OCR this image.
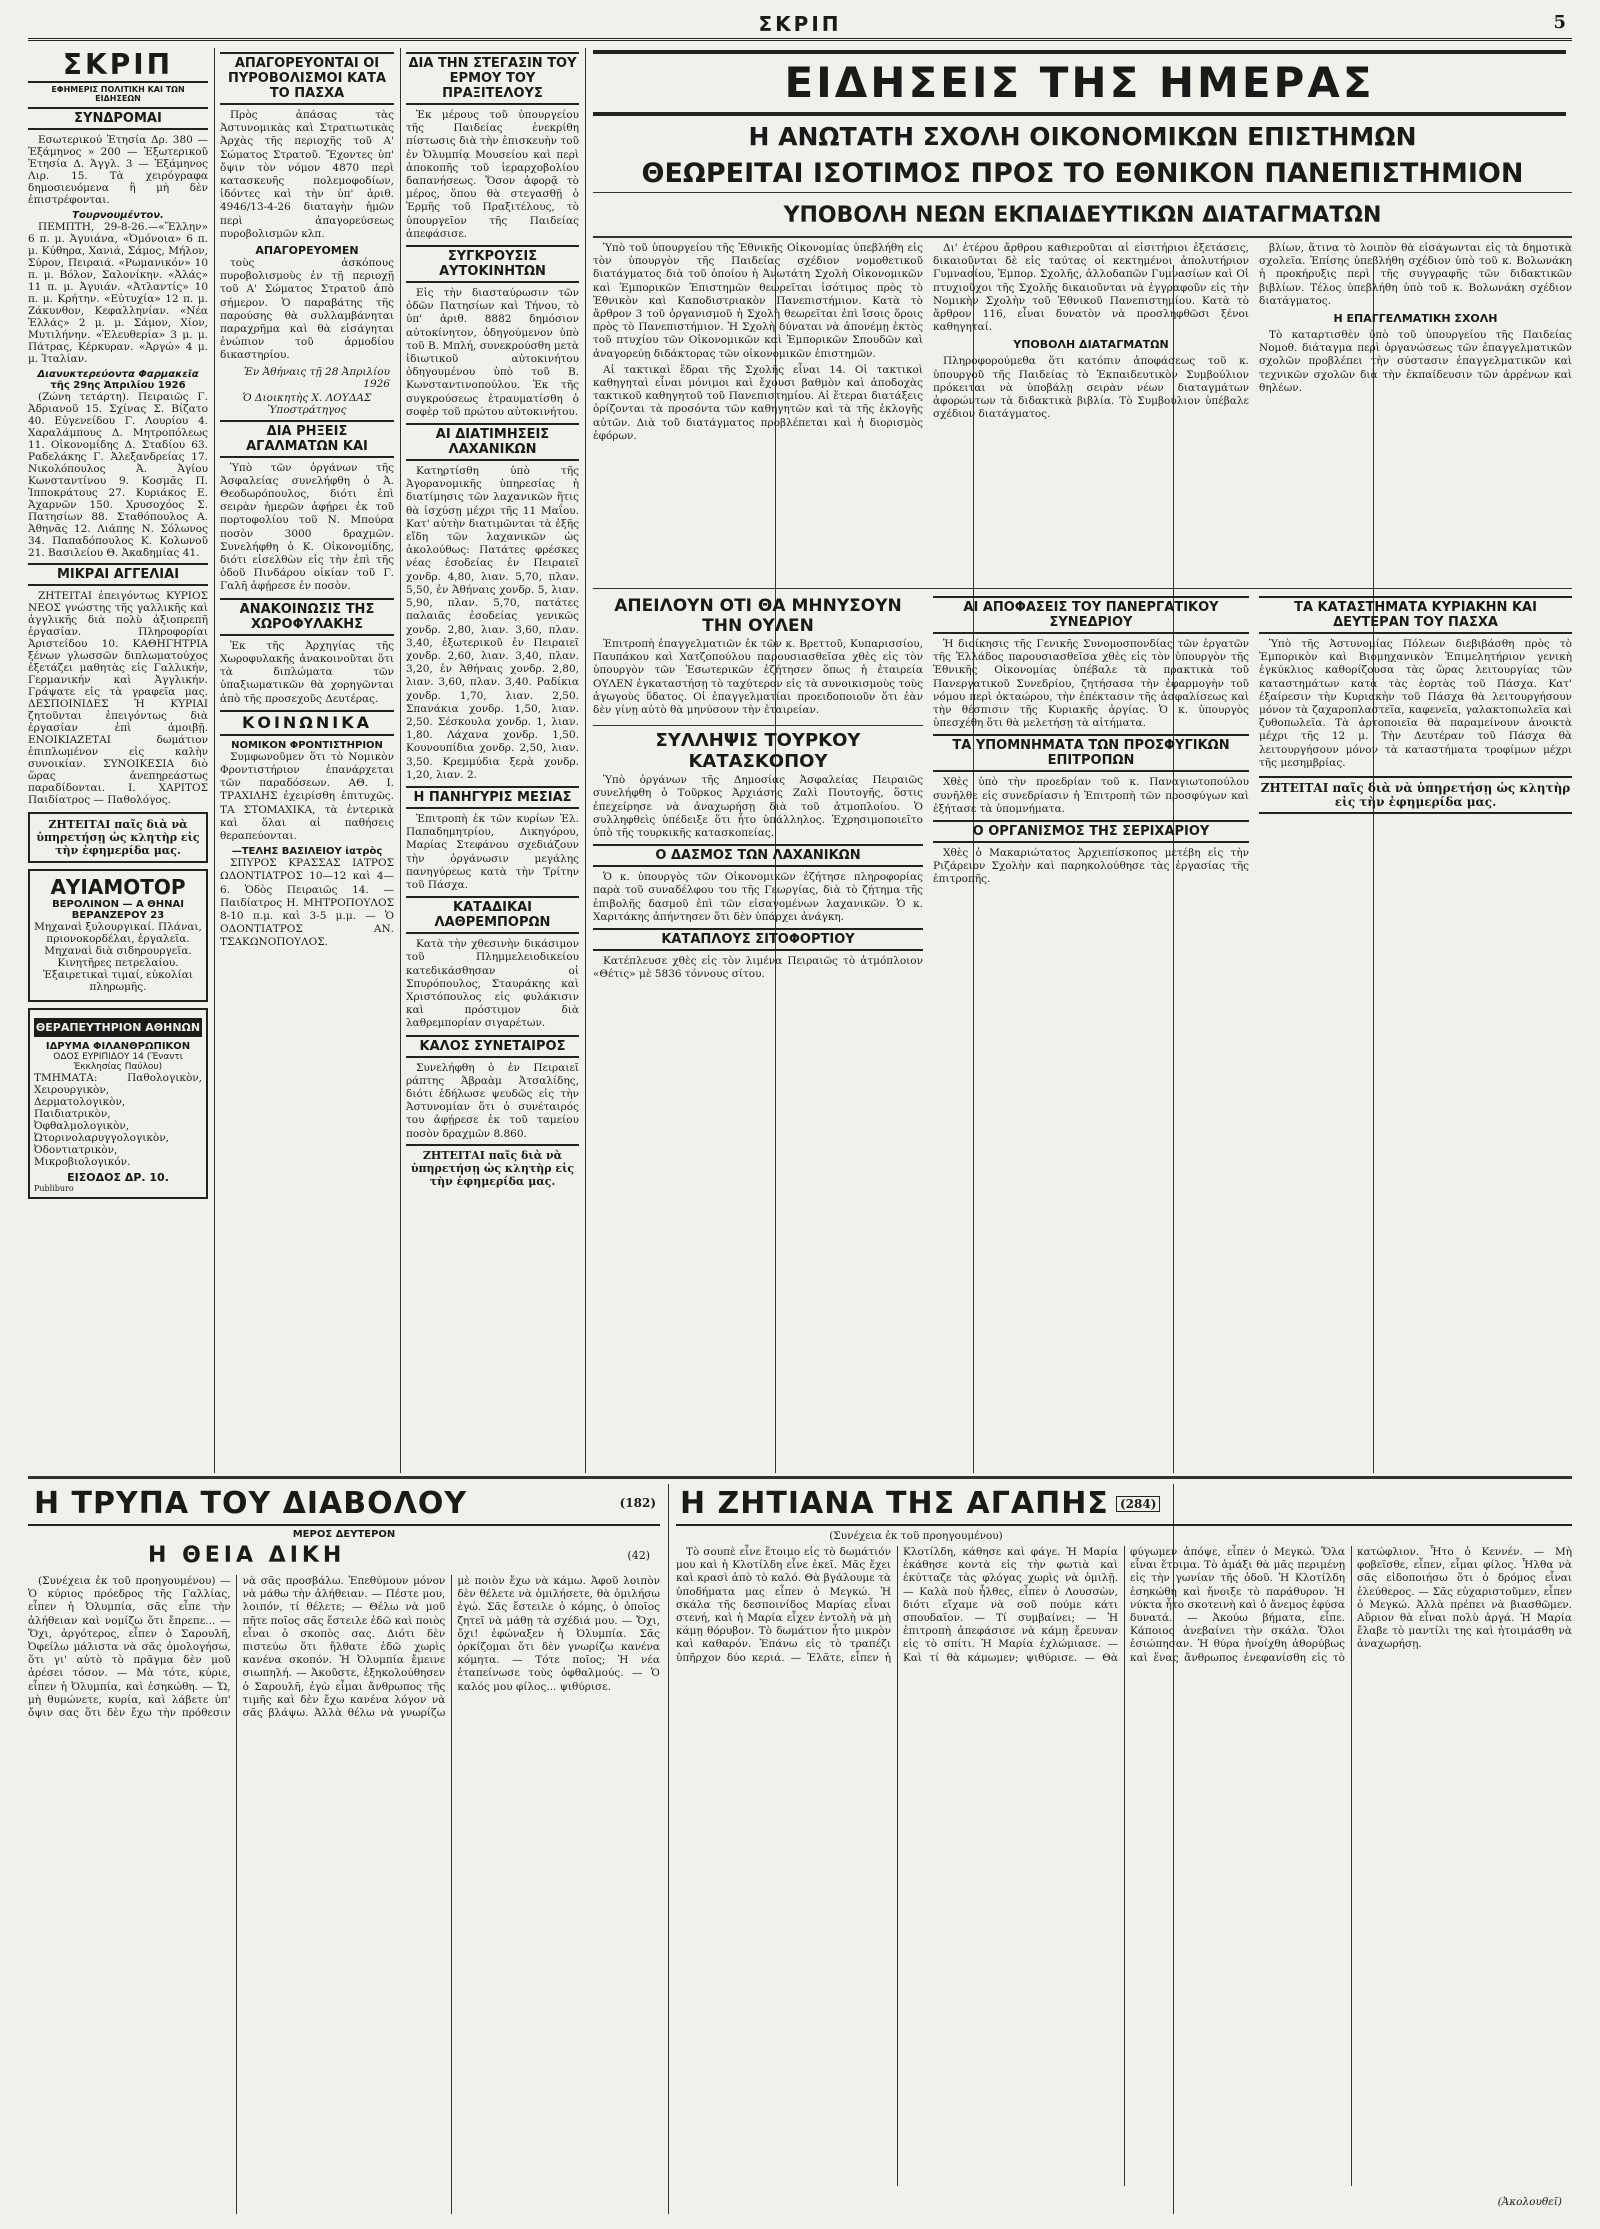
ΣΚΡΙΠ	5
ΣΚΡΙΠ
ΕΦΗΜΕΡΙΣ ΠΟΛΙΤΙΚΗ ΚΑΙ ΤΩΝ ΕΙΔΗΣΕΩΝ
ΣΥΝΔΡΟΜΑΙ

Εσωτερικού Ἐτησία Δρ. 380 — Ἐξάμηνος » 200 — Ἐξωτερικοῦ Ἐτησία Δ. Ἀγγλ. 3 — Ἐξάμηνος Λιρ. 15. Τὰ χειρόγραφα δημοσιευόμενα ἢ μὴ δὲν ἐπιστρέφονται.

Τουρνουμέντον.

ΠΕΜΠΤΗ, 29-8-26.—«Ἕλλην» 6 π. μ. Ἀγυιάνα, «Ὀμόνοια» 6 π. μ. Κύθηρα, Χανιά, Σάμος, Μήλον, Σύρον, Πειραιά. «Ρωμανικόν» 10 π. μ. Βόλον, Σαλονίκην. «Ἀλάς» 11 π. μ. Ἀγυιάν. «Ἀτλαντίς» 10 π. μ. Κρήτην. «Εὐτυχία» 12 π. μ. Ζάκυνθον, Κεφαλληνίαν. «Νέα Ἑλλάς» 2 μ. μ. Σάμον, Χίον, Μυτιλήνην. «Ἐλευθερία» 3 μ. μ. Πάτρας, Κέρκυραν. «Ἀργώ» 4 μ. μ. Ἰταλίαν.

Διανυκτερεύοντα Φαρμακεῖα
τῆς 29ης Ἀπριλίου 1926

(Ζώνη τετάρτη). Πειραιῶς Γ. Ἀδριανοῦ 15. Σχίνας Σ. Βίζατο 40. Εὐγενείδου Γ. Λουρίου 4. Χαραλάμπους Δ. Μητροπόλεως 11. Οἰκονομίδης Δ. Σταδίου 63. Ραδελάκης Γ. Ἀλεξανδρείας 17. Νικολόπουλος Ἀ. Ἁγίου Κωνσταντίνου 9. Κοσμᾶς Π. Ἱπποκράτους 27. Κυριάκος Ε. Ἀχαρνῶν 150. Χρυσοχόος Σ. Πατησίων 88. Σταθόπουλος Α. Ἀθηνᾶς 12. Λιάπης Ν. Σόλωνος 34. Παπαδόπουλος Κ. Κολωνοῦ 21. Βασιλείου Θ. Ἀκαδημίας 41.

ΜΙΚΡΑΙ ΑΓΓΕΛΙΑΙ

ΖΗΤΕΙΤΑΙ ἐπειγόντως ΚΥΡΙΟΣ ΝΕΟΣ γνώστης τῆς γαλλικῆς καὶ ἀγγλικῆς διὰ πολὺ ἀξιοπρεπῆ ἐργασίαν. Πληροφορίαι Ἀριστείδου 10. ΚΑΘΗΓΗΤΡΙΑ ξένων γλωσσῶν διπλωματούχος ἐξετάζει μαθητὰς εἰς Γαλλικήν, Γερμανικήν καὶ Ἀγγλικήν. Γράψατε εἰς τὰ γραφεῖα μας. ΔΕΣΠΟΙΝΙΔΕΣ Ἡ ΚΥΡΙΑΙ ζητοῦνται ἐπειγόντως διὰ ἐργασίαν ἐπὶ ἀμοιβῇ. ΕΝΟΙΚΙΑΖΕΤΑΙ δωμάτιον ἐπιπλωμένον εἰς καλὴν συνοικίαν. ΣΥΝΟΙΚΕΣΙΑ διὸ ὥρας ἀνεπηρεάστως παραδίδονται. Ι. ΧΑΡΙΤΟΣ Παιδίατρος — Παθολόγος.

ΖΗΤΕΙΤΑΙ παῖς διὰ νὰ ὑπηρετήσῃ ὡς κλητὴρ εἰς τὴν ἐφημερίδα μας.
ΑΥΙΑΜΟΤΟΡ
ΒΕΡΟΛΙΝΟΝ — Α ΘΗΝΑΙ
ΒΕΡΑΝΖΕΡΟΥ 23

Μηχαναὶ ξυλουργικαί. Πλάναι, πριονοκορδέλαι, ἐργαλεῖα. Μηχαναὶ διὰ σιδηρουργεῖα. Κινητῆρες πετρελαίου. Ἐξαιρετικαὶ τιμαί, εὐκολίαι πληρωμῆς.

ΘΕΡΑΠΕΥΤΗΡΙΟΝ ΑΘΗΝΩΝ
ΙΔΡΥΜΑ ΦΙΛΑΝΘΡΩΠΙΚΟΝ
ΟΔΟΣ ΕΥΡΙΠΙΔΟΥ 14 (Ἔναντι Ἐκκλησίας Παύλου)

ΤΜΗΜΑΤΑ: Παθολογικὸν, Χειρουργικὸν, Δερματολογικὸν, Παιδιατρικὸν, Ὀφθαλμολογικὸν, Ὠτορινολαρυγγολογικὸν, Ὀδοντιατρικὸν, Μικροβιολογικόν.

ΕΙΣΟΔΟΣ ΔΡ. 10.
Publiburo
ΑΠΑΓΟΡΕΥΟΝΤΑΙ ΟΙ ΠΥΡΟΒΟΛΙΣΜΟΙ ΚΑΤΑ ΤΟ ΠΑΣΧΑ

Πρὸς ἁπάσας τὰς Ἀστυνομικὰς καὶ Στρατιωτικὰς Ἀρχὰς τῆς περιοχῆς τοῦ Α' Σώματος Στρατοῦ. Ἔχοντες ὑπ' ὄψιν τὸν νόμον 4870 περὶ κατασκευῆς πολεμοφοδίων, ἰδόντες καὶ τὴν ὑπ' ἀριθ. 4946/13-4-26 διαταγὴν ἡμῶν περὶ ἀπαγορεύσεως πυροβολισμῶν κλπ.

ΑΠΑΓΟΡΕΥΟΜΕΝ

τοὺς ἀσκόπους πυροβολισμοὺς ἐν τῇ περιοχῇ τοῦ Α' Σώματος Στρατοῦ ἀπὸ σήμερον. Ὁ παραβάτης τῆς παρούσης θὰ συλλαμβάνηται παραχρῆμα καὶ θὰ εἰσάγηται ἐνώπιον τοῦ ἀρμοδίου δικαστηρίου.

Ἐν Ἀθήναις τῇ 28 Ἀπριλίου 1926
Ὁ Διοικητὴς Χ. ΛΟΥΔΑΣ Ὑποστράτηγος
ΔΙΑ ΡΗΞΕΙΣ ΑΓΑΛΜΑΤΩΝ ΚΑΙ

Ὑπὸ τῶν ὀργάνων τῆς Ἀσφαλείας συνελήφθη ὁ Ἀ. Θεοδωρόπουλος, διότι ἐπὶ σειρὰν ἡμερῶν ἀφῄρει ἐκ τοῦ πορτοφολίου τοῦ Ν. Μπούρα ποσὸν 3000 δραχμῶν. Συνελήφθη ὁ Κ. Οἰκονομίδης, διότι εἰσελθὼν εἰς τὴν ἐπὶ τῆς ὁδοῦ Πινδάρου οἰκίαν τοῦ Γ. Γαλῆ ἀφῄρεσε ἐν ποσὸν.

ΑΝΑΚΟΙΝΩΣΙΣ ΤΗΣ ΧΩΡΟΦΥΛΑΚΗΣ

Ἐκ τῆς Ἀρχηγίας τῆς Χωροφυλακῆς ἀνακοινοῦται ὅτι τὰ διπλώματα τῶν ὑπαξιωματικῶν θὰ χορηγῶνται ἀπὸ τῆς προσεχοῦς Δευτέρας.

ΚΟΙΝΩΝΙΚΑ
ΝΟΜΙΚΟΝ ΦΡΟΝΤΙΣΤΗΡΙΟΝ

Συμφωνοῦμεν ὅτι τὸ Νομικὸν Φροντιστήριον ἐπανάρχεται τῶν παραδόσεων. ΑΘ. Ι. ΤΡΑΧΙΛΗΣ ἐχειρίσθη ἐπιτυχῶς. ΤΑ ΣΤΟΜΑΧΙΚΑ, τὰ ἐντερικὰ καὶ ὅλαι αἱ παθήσεις θεραπεύονται.

—ΤΕΛΗΣ ΒΑΣΙΛΕΙΟΥ ἰατρὸς

ΣΠΥΡΟΣ ΚΡΑΣΣΑΣ ΙΑΤΡΟΣ ΩΔΟΝΤΙΑΤΡΟΣ 10—12 καὶ 4—6. Ὁδὸς Πειραιῶς 14. — Παιδίατρος Η. ΜΗΤΡΟΠΟΥΛΟΣ 8-10 π.μ. καὶ 3-5 μ.μ. — Ὁ ΟΔΟΝΤΙΑΤΡΟΣ ΑΝ. ΤΣΑΚΩΝΟΠΟΥΛΟΣ.

ΔΙΑ ΤΗΝ ΣΤΕΓΑΣΙΝ ΤΟΥ ΕΡΜΟΥ ΤΟΥ ΠΡΑΞΙΤΕΛΟΥΣ

Ἐκ μέρους τοῦ ὑπουργείου τῆς Παιδείας ἐνεκρίθη πίστωσις διὰ τὴν ἐπισκευὴν τοῦ ἐν Ὀλυμπίᾳ Μουσείου καὶ περὶ ἀποκοπῆς τοῦ ἱεραρχοβολίου δαπανήσεως. Ὅσον ἀφορᾷ τὸ μέρος, ὅπου θὰ στεγασθῇ ὁ Ἑρμῆς τοῦ Πραξιτέλους, τὸ ὑπουργεῖον τῆς Παιδείας ἀπεφάσισε.

ΣΥΓΚΡΟΥΣΙΣ ΑΥΤΟΚΙΝΗΤΩΝ

Εἰς τὴν διασταύρωσιν τῶν ὁδῶν Πατησίων καὶ Τήνου, τὸ ὑπ' ἀριθ. 8882 δημόσιον αὐτοκίνητον, ὁδηγούμενον ὑπὸ τοῦ Β. Μπλή, συνεκρούσθη μετὰ ἰδιωτικοῦ αὐτοκινήτου ὁδηγουμένου ὑπὸ τοῦ Β. Κωνσταντινοπούλου. Ἐκ τῆς συγκρούσεως ἐτραυματίσθη ὁ σοφὲρ τοῦ πρώτου αὐτοκινήτου.

ΑΙ ΔΙΑΤΙΜΗΣΕΙΣ ΛΑΧΑΝΙΚΩΝ

Κατηρτίσθη ὑπὸ τῆς Ἀγορανομικῆς ὑπηρεσίας ἡ διατίμησις τῶν λαχανικῶν ἥτις θὰ ἰσχύσῃ μέχρι τῆς 11 Μαΐου. Κατ' αὐτὴν διατιμῶνται τὰ ἑξῆς εἴδη τῶν λαχανικῶν ὡς ἀκολούθως: Πατάτες φρέσκες νέας ἐσοδείας ἐν Πειραιεῖ χονδρ. 4,80, λιαν. 5,70, πλαν. 5,50, ἐν Ἀθήναις χονδρ. 5, λιαν. 5,90, πλαν. 5,70, πατάτες παλαιᾶς ἐσοδείας γενικῶς χονδρ. 2,80, λιαν. 3,60, πλαν. 3,40, ἐξωτερικοῦ ἐν Πειραιεῖ χονδρ. 2,60, λιαν. 3,40, πλαν. 3,20, ἐν Ἀθήναις χονδρ. 2,80, λιαν. 3,60, πλαν. 3,40. Ραδίκια χονδρ. 1,70, λιαν. 2,50. Σπανάκια χονδρ. 1,50, λιαν. 2,50. Σέσκουλα χονδρ. 1, λιαν. 1,80. Λάχανα χονδρ. 1,50. Κουνουπίδια χονδρ. 2,50, λιαν. 3,50. Κρεμμύδια ξερὰ χονδρ. 1,20, λιαν. 2.

Η ΠΑΝΗΓΥΡΙΣ ΜΕΣΙΑΣ

Ἐπιτροπὴ ἐκ τῶν κυρίων Ἐλ. Παπαδημητρίου, Δικηγόρου, Μαρίας Στεφάνου σχεδιάζουν τὴν ὀργάνωσιν μεγάλης πανηγύρεως κατὰ τὴν Τρίτην τοῦ Πάσχα.

ΚΑΤΑΔΙΚΑΙ ΛΑΘΡΕΜΠΟΡΩΝ

Κατὰ τὴν χθεσινὴν δικάσιμον τοῦ Πλημμελειοδικείου κατεδικάσθησαν οἱ Σπυρόπουλος, Σταυράκης καὶ Χριστόπουλος εἰς φυλάκισιν καὶ πρόστιμον διὰ λαθρεμπορίαν σιγαρέτων.

ΚΑΛΟΣ ΣΥΝΕΤΑΙΡΟΣ

Συνελήφθη ὁ ἐν Πειραιεῖ ράπτης Ἀβραὰμ Ἀτσαλίδης, διότι ἐδήλωσε ψευδῶς εἰς τὴν Ἀστυνομίαν ὅτι ὁ συνέταιρός του ἀφῄρεσε ἐκ τοῦ ταμείου ποσὸν δραχμῶν 8.860.

ΖΗΤΕΙΤΑΙ παῖς διὰ νὰ ὑπηρετήσῃ ὡς κλητὴρ εἰς τὴν ἐφημερίδα μας.
ΕΙΔΗΣΕΙΣ ΤΗΣ ΗΜΕΡΑΣ
Η ΑΝΩΤΑΤΗ ΣΧΟΛΗ ΟΙΚΟΝΟΜΙΚΩΝ ΕΠΙΣΤΗΜΩΝ
ΘΕΩΡΕΙΤΑΙ ΙΣΟΤΙΜΟΣ ΠΡΟΣ ΤΟ ΕΘΝΙΚΟΝ ΠΑΝΕΠΙΣΤΗΜΙΟΝ
ΥΠΟΒΟΛΗ ΝΕΩΝ ΕΚΠΑΙΔΕΥΤΙΚΩΝ ΔΙΑΤΑΓΜΑΤΩΝ

Ὑπὸ τοῦ ὑπουργείου τῆς Ἐθνικῆς Οἰκονομίας ὑπεβλήθη εἰς τὸν ὑπουργὸν τῆς Παιδείας σχέδιον νομοθετικοῦ διατάγματος διὰ τοῦ ὁποίου ἡ Ἀνωτάτη Σχολὴ Οἰκονομικῶν καὶ Ἐμπορικῶν Ἐπιστημῶν θεωρεῖται ἰσότιμος πρὸς τὸ Ἐθνικὸν καὶ Καποδιστριακὸν Πανεπιστήμιον. Κατὰ τὸ ἄρθρον 3 τοῦ ὀργανισμοῦ ἡ Σχολὴ θεωρεῖται ἐπὶ ἴσοις ὅροις πρὸς τὸ Πανεπιστήμιον. Ἡ Σχολὴ δύναται νὰ ἀπονέμῃ ἐκτὸς τοῦ πτυχίου τῶν Οἰκονομικῶν καὶ Ἐμπορικῶν Σπουδῶν καὶ ἀναγορεύῃ διδάκτορας τῶν οἰκονομικῶν ἐπιστημῶν.

Αἱ τακτικαὶ ἕδραι τῆς Σχολῆς εἶναι 14. Οἱ τακτικοὶ καθηγηταὶ εἶναι μόνιμοι καὶ ἔχουσι βαθμὸν καὶ ἀποδοχὰς τακτικοῦ καθηγητοῦ τοῦ Πανεπιστημίου. Αἱ ἕτεραι διατάξεις ὁρίζονται τὰ προσόντα τῶν καθηγητῶν καὶ τὰ τῆς ἐκλογῆς αὐτῶν. Διὰ τοῦ διατάγματος προβλέπεται καὶ ἡ διορισμὸς ἐφόρων.

Δι' ἑτέρου ἄρθρου καθιεροῦται αἱ εἰσιτήριοι ἐξετάσεις, δικαιοῦνται δὲ εἰς ταύτας οἱ κεκτημένοι ἀπολυτήριον Γυμνασίου, Ἐμπορ. Σχολῆς, ἀλλοδαπῶν Γυμνασίων καὶ Οἱ πτυχιοῦχοι τῆς Σχολῆς δικαιοῦνται νὰ ἐγγραφοῦν εἰς τὴν Νομικὴν Σχολὴν τοῦ Ἐθνικοῦ Πανεπιστημίου. Κατὰ τὸ ἄρθρον 116, εἶναι δυνατὸν νὰ προσληφθῶσι ξένοι καθηγηταί.

ΥΠΟΒΟΛΗ ΔΙΑΤΑΓΜΑΤΩΝ

Πληροφορούμεθα ὅτι κατόπιν ἀποφάσεως τοῦ κ. ὑπουργοῦ τῆς Παιδείας τὸ Ἐκπαιδευτικὸν Συμβούλιον πρόκειται νὰ ὑποβάλῃ σειρὰν νέων διαταγμάτων ἀφορώντων τὰ διδακτικὰ βιβλία. Τὸ Συμβούλιον ὑπέβαλε σχέδιον διατάγματος.

βλίων, ἅτινα τὸ λοιπὸν θὰ εἰσάγωνται εἰς τὰ δημοτικὰ σχολεῖα. Ἐπίσης ὑπεβλήθη σχέδιον ὑπὸ τοῦ κ. Βολωνάκη ἡ προκήρυξις περὶ τῆς συγγραφῆς τῶν διδακτικῶν βιβλίων. Τέλος ὑπεβλήθη ὑπὸ τοῦ κ. Βολωνάκη σχέδιον διατάγματος.

Η ΕΠΑΓΓΕΛΜΑΤΙΚΗ ΣΧΟΛΗ

Τὸ καταρτισθὲν ὑπὸ τοῦ ὑπουργείου τῆς Παιδείας Νομοθ. διάταγμα περὶ ὀργανώσεως τῶν ἐπαγγελματικῶν σχολῶν προβλέπει τὴν σύστασιν ἐπαγγελματικῶν καὶ τεχνικῶν σχολῶν διὰ τὴν ἐκπαίδευσιν τῶν ἀρρένων καὶ θηλέων.

ΑΠΕΙΛΟΥΝ ΟΤΙ ΘΑ ΜΗΝΥΣΟΥΝ ΤΗΝ ΟΥΛΕΝ

Ἐπιτροπὴ ἐπαγγελματιῶν ἐκ τῶν κ. Βρεττοῦ, Κυπαρισσίου, Παυπάκου καὶ Χατζοπούλου παρουσιασθεῖσα χθὲς εἰς τὸν ὑπουργὸν τῶν Ἐσωτερικῶν ἐζήτησεν ὅπως ἡ ἑταιρεία ΟΥΛΕΝ ἐγκαταστήσῃ τὸ ταχύτερον εἰς τὰ συνοικισμοὺς τοὺς ἀγωγοὺς ὕδατος. Οἱ ἐπαγγελματίαι προειδοποιοῦν ὅτι ἐὰν δὲν γίνῃ αὐτὸ θὰ μηνύσουν τὴν ἑταιρείαν.

ΣΥΛΛΗΨΙΣ ΤΟΥΡΚΟΥ ΚΑΤΑΣΚΟΠΟΥ

Ὑπὸ ὀργάνων τῆς Δημοσίας Ἀσφαλείας Πειραιῶς συνελήφθη ὁ Τοῦρκος Ἀρχιάσης Ζαλὶ Πουτογῆς, ὅστις ἐπεχείρησε νὰ ἀναχωρήσῃ διὰ τοῦ ἀτμοπλοίου. Ὁ συλληφθεὶς ὑπέδειξε ὅτι ἦτο ὑπάλληλος. Ἐχρησιμοποιεῖτο ὑπὸ τῆς τουρκικῆς κατασκοπείας.

Ο ΔΑΣΜΟΣ ΤΩΝ ΛΑΧΑΝΙΚΩΝ

Ὁ κ. ὑπουργὸς τῶν Οἰκονομικῶν ἐζήτησε πληροφορίας παρὰ τοῦ συναδέλφου του τῆς Γεωργίας, διὰ τὸ ζήτημα τῆς ἐπιβολῆς δασμοῦ ἐπὶ τῶν εἰσαγομένων λαχανικῶν. Ὁ κ. Χαριτάκης ἀπήντησεν ὅτι δὲν ὑπάρχει ἀνάγκη.

ΚΑΤΑΠΛΟΥΣ ΣΙΤΟΦΟΡΤΙΟΥ

Κατέπλευσε χθὲς εἰς τὸν λιμένα Πειραιῶς τὸ ἀτμόπλοιον «Θέτις» μὲ 5836 τόννους σίτου.

ΑΙ ΑΠΟΦΑΣΕΙΣ ΤΟΥ ΠΑΝΕΡΓΑΤΙΚΟΥ ΣΥΝΕΔΡΙΟΥ

Ἡ διοίκησις τῆς Γενικῆς Συνομοσπονδίας τῶν ἐργατῶν τῆς Ἑλλάδος παρουσιασθεῖσα χθὲς εἰς τὸν ὑπουργὸν τῆς Ἐθνικῆς Οἰκονομίας ὑπέβαλε τὰ πρακτικὰ τοῦ Πανεργατικοῦ Συνεδρίου, ζητήσασα τὴν ἐφαρμογὴν τοῦ νόμου περὶ ὀκταώρου, τὴν ἐπέκτασιν τῆς ἀσφαλίσεως καὶ τὴν θέσπισιν τῆς Κυριακῆς ἀργίας. Ὁ κ. ὑπουργὸς ὑπεσχέθη ὅτι θὰ μελετήσῃ τὰ αἰτήματα.

ΤΑ ΥΠΟΜΝΗΜΑΤΑ ΤΩΝ ΠΡΟΣΦΥΓΙΚΩΝ ΕΠΙΤΡΟΠΩΝ

Χθὲς ὑπὸ τὴν προεδρίαν τοῦ κ. Παναγιωτοπούλου συνῆλθε εἰς συνεδρίασιν ἡ Ἐπιτροπὴ τῶν προσφύγων καὶ ἐξήτασε τὰ ὑπομνήματα.

Ο ΟΡΓΑΝΙΣΜΟΣ ΤΗΣ ΣΕΡΙΧΑΡΙΟΥ

Χθὲς ὁ Μακαριώτατος Ἀρχιεπίσκοπος μετέβη εἰς τὴν Ριζάρειον Σχολὴν καὶ παρηκολούθησε τὰς ἐργασίας τῆς ἐπιτροπῆς.

ΤΑ ΚΑΤΑΣΤΗΜΑΤΑ ΚΥΡΙΑΚΗΝ ΚΑΙ ΔΕΥΤΕΡΑΝ ΤΟΥ ΠΑΣΧΑ

Ὑπὸ τῆς Ἀστυνομίας Πόλεων διεβιβάσθη πρὸς τὸ Ἐμπορικὸν καὶ Βιομηχανικὸν Ἐπιμελητήριον γενικὴ ἐγκύκλιος καθορίζουσα τὰς ὥρας λειτουργίας τῶν καταστημάτων κατὰ τὰς ἑορτὰς τοῦ Πάσχα. Κατ' ἐξαίρεσιν τὴν Κυριακὴν τοῦ Πάσχα θὰ λειτουργήσουν μόνον τὰ ζαχαροπλαστεῖα, καφενεῖα, γαλακτοπωλεῖα καὶ ζυθοπωλεῖα. Τὰ ἀρτοποιεῖα θὰ παραμείνουν ἀνοικτὰ μέχρι τῆς 12 μ. Τὴν Δευτέραν τοῦ Πάσχα θὰ λειτουργήσουν μόνον τὰ καταστήματα τροφίμων μέχρι τῆς μεσημβρίας.

ΖΗΤΕΙΤΑΙ παῖς διὰ νὰ ὑπηρετήσῃ ὡς κλητὴρ εἰς τὴν ἐφημερίδα μας.
Η ΤΡΥΠΑ ΤΟΥ ΔΙΑΒΟΛΟΥ	(182)
ΜΕΡΟΣ ΔΕΥΤΕΡΟΝ
Η ΘΕΙΑ ΔΙΚΗ	(42)

(Συνέχεια ἐκ τοῦ προηγουμένου) — Ὁ κύριος πρόεδρος τῆς Γαλλίας, εἶπεν ἡ Ὀλυμπία, σᾶς εἶπε τὴν ἀλήθειαν καὶ νομίζω ὅτι ἔπρεπε... — Ὅχι, ἀργότερος, εἶπεν ὁ Σαρουλῆ, Ὀφείλω μάλιστα νὰ σᾶς ὁμολογήσω, ὅτι γι' αὐτὸ τὸ πρᾶγμα δὲν μοῦ ἀρέσει τόσον. — Μὰ τότε, κύριε, εἶπεν ἡ Ὀλυμπία, καὶ ἐσηκώθη. — Ὤ, μὴ θυμώνετε, κυρία, καὶ λάβετε ὑπ' ὄψιν σας ὅτι δὲν ἔχω τὴν πρόθεσιν νὰ σᾶς προσβάλω. Ἐπεθύμουν μόνον νὰ μάθω τὴν ἀλήθειαν. — Πέστε μου, λοιπόν, τί θέλετε; — Θέλω νὰ μοῦ πῆτε ποῖος σᾶς ἔστειλε ἐδῶ καὶ ποιὸς εἶναι ὁ σκοπὸς σας. Διότι δὲν πιστεύω ὅτι ἤλθατε ἐδῶ χωρὶς κανένα σκοπόν. Ἡ Ὀλυμπία ἔμεινε σιωπηλή. — Ἀκοῦστε, ἐξηκολούθησεν ὁ Σαρουλῆ, ἐγὼ εἶμαι ἄνθρωπος τῆς τιμῆς καὶ δὲν ἔχω κανένα λόγον νὰ σᾶς βλάψω. Ἀλλὰ θέλω νὰ γνωρίζω μὲ ποιὸν ἔχω νὰ κάμω. Ἀφοῦ λοιπὸν δὲν θέλετε νὰ ὁμιλήσετε, θὰ ὁμιλήσω ἐγώ. Σᾶς ἔστειλε ὁ κόμης, ὁ ὁποῖος ζητεῖ νὰ μάθῃ τὰ σχέδιά μου. — Ὄχι, ὄχι! ἐφώναξεν ἡ Ὀλυμπία. Σᾶς ὁρκίζομαι ὅτι δὲν γνωρίζω κανένα κόμητα. — Τότε ποῖος; Ἡ νέα ἐταπείνωσε τοὺς ὀφθαλμούς. — Ὁ καλός μου φίλος... ψιθύρισε.

Η ΖΗΤΙΑΝΑ ΤΗΣ ΑΓΑΠΗΣ (284)
(Συνέχεια ἐκ τοῦ προηγουμένου)

Τὸ σουπὲ εἶνε ἕτοιμο εἰς τὸ δωμάτιόν μου καὶ ἡ Κλοτίλδη εἶνε ἐκεῖ. Μᾶς ἔχει καὶ κρασὶ ἀπὸ τὸ καλό. Θὰ βγάλουμε τὰ ὑποδήματα μας εἶπεν ὁ Μεγκώ. Ἡ σκάλα τῆς δεσποινίδος Μαρίας εἶναι στενή, καὶ ἡ Μαρία εἶχεν ἐντολὴ νὰ μὴ κάμῃ θόρυβον. Τὸ δωμάτιον ἦτο μικρὸν καὶ καθαρόν. Ἐπάνω εἰς τὸ τραπέζι ὑπῆρχον δύο κεριά. — Ἐλᾶτε, εἶπεν ἡ Κλοτίλδη, κάθησε καὶ φάγε. Ἡ Μαρία ἐκάθησε κοντὰ εἰς τὴν φωτιὰ καὶ ἐκύτταζε τὰς φλόγας χωρὶς νὰ ὁμιλῇ. — Καλὰ ποὺ ἦλθες, εἶπεν ὁ Λουσσὼν, διότι εἴχαμε νὰ σοῦ πούμε κάτι σπουδαῖον. — Τί συμβαίνει; — Ἡ ἐπιτροπὴ ἀπεφάσισε νὰ κάμῃ ἔρευναν εἰς τὸ σπίτι. Ἡ Μαρία ἐχλώμιασε. — Καὶ τί θὰ κάμωμεν; ψιθύρισε. — Θὰ φύγωμεν ἀπόψε, εἶπεν ὁ Μεγκώ. Ὅλα εἶναι ἕτοιμα. Τὸ ἁμάξι θὰ μᾶς περιμένῃ εἰς τὴν γωνίαν τῆς ὁδοῦ. Ἡ Κλοτίλδη ἐσηκώθη καὶ ἤνοιξε τὸ παράθυρον. Ἡ νύκτα ἦτο σκοτεινὴ καὶ ὁ ἄνεμος ἐφύσα δυνατά. — Ἀκούω βήματα, εἶπε. Κάποιος ἀνεβαίνει τὴν σκάλα. Ὅλοι ἐσιώπησαν. Ἡ θύρα ἠνοίχθη ἀθορύβως καὶ ἕνας ἄνθρωπος ἐνεφανίσθη εἰς τὸ κατώφλιον. Ἦτο ὁ Κεννέν. — Μὴ φοβεῖσθε, εἶπεν, εἶμαι φίλος. Ἦλθα νὰ σᾶς εἰδοποιήσω ὅτι ὁ δρόμος εἶναι ἐλεύθερος. — Σᾶς εὐχαριστοῦμεν, εἶπεν ὁ Μεγκώ. Ἀλλὰ πρέπει νὰ βιασθῶμεν. Αὔριον θὰ εἶναι πολὺ ἀργά. Ἡ Μαρία ἔλαβε τὸ μαντίλι της καὶ ἠτοιμάσθη νὰ ἀναχωρήσῃ.

(Ἀκολουθεῖ)
